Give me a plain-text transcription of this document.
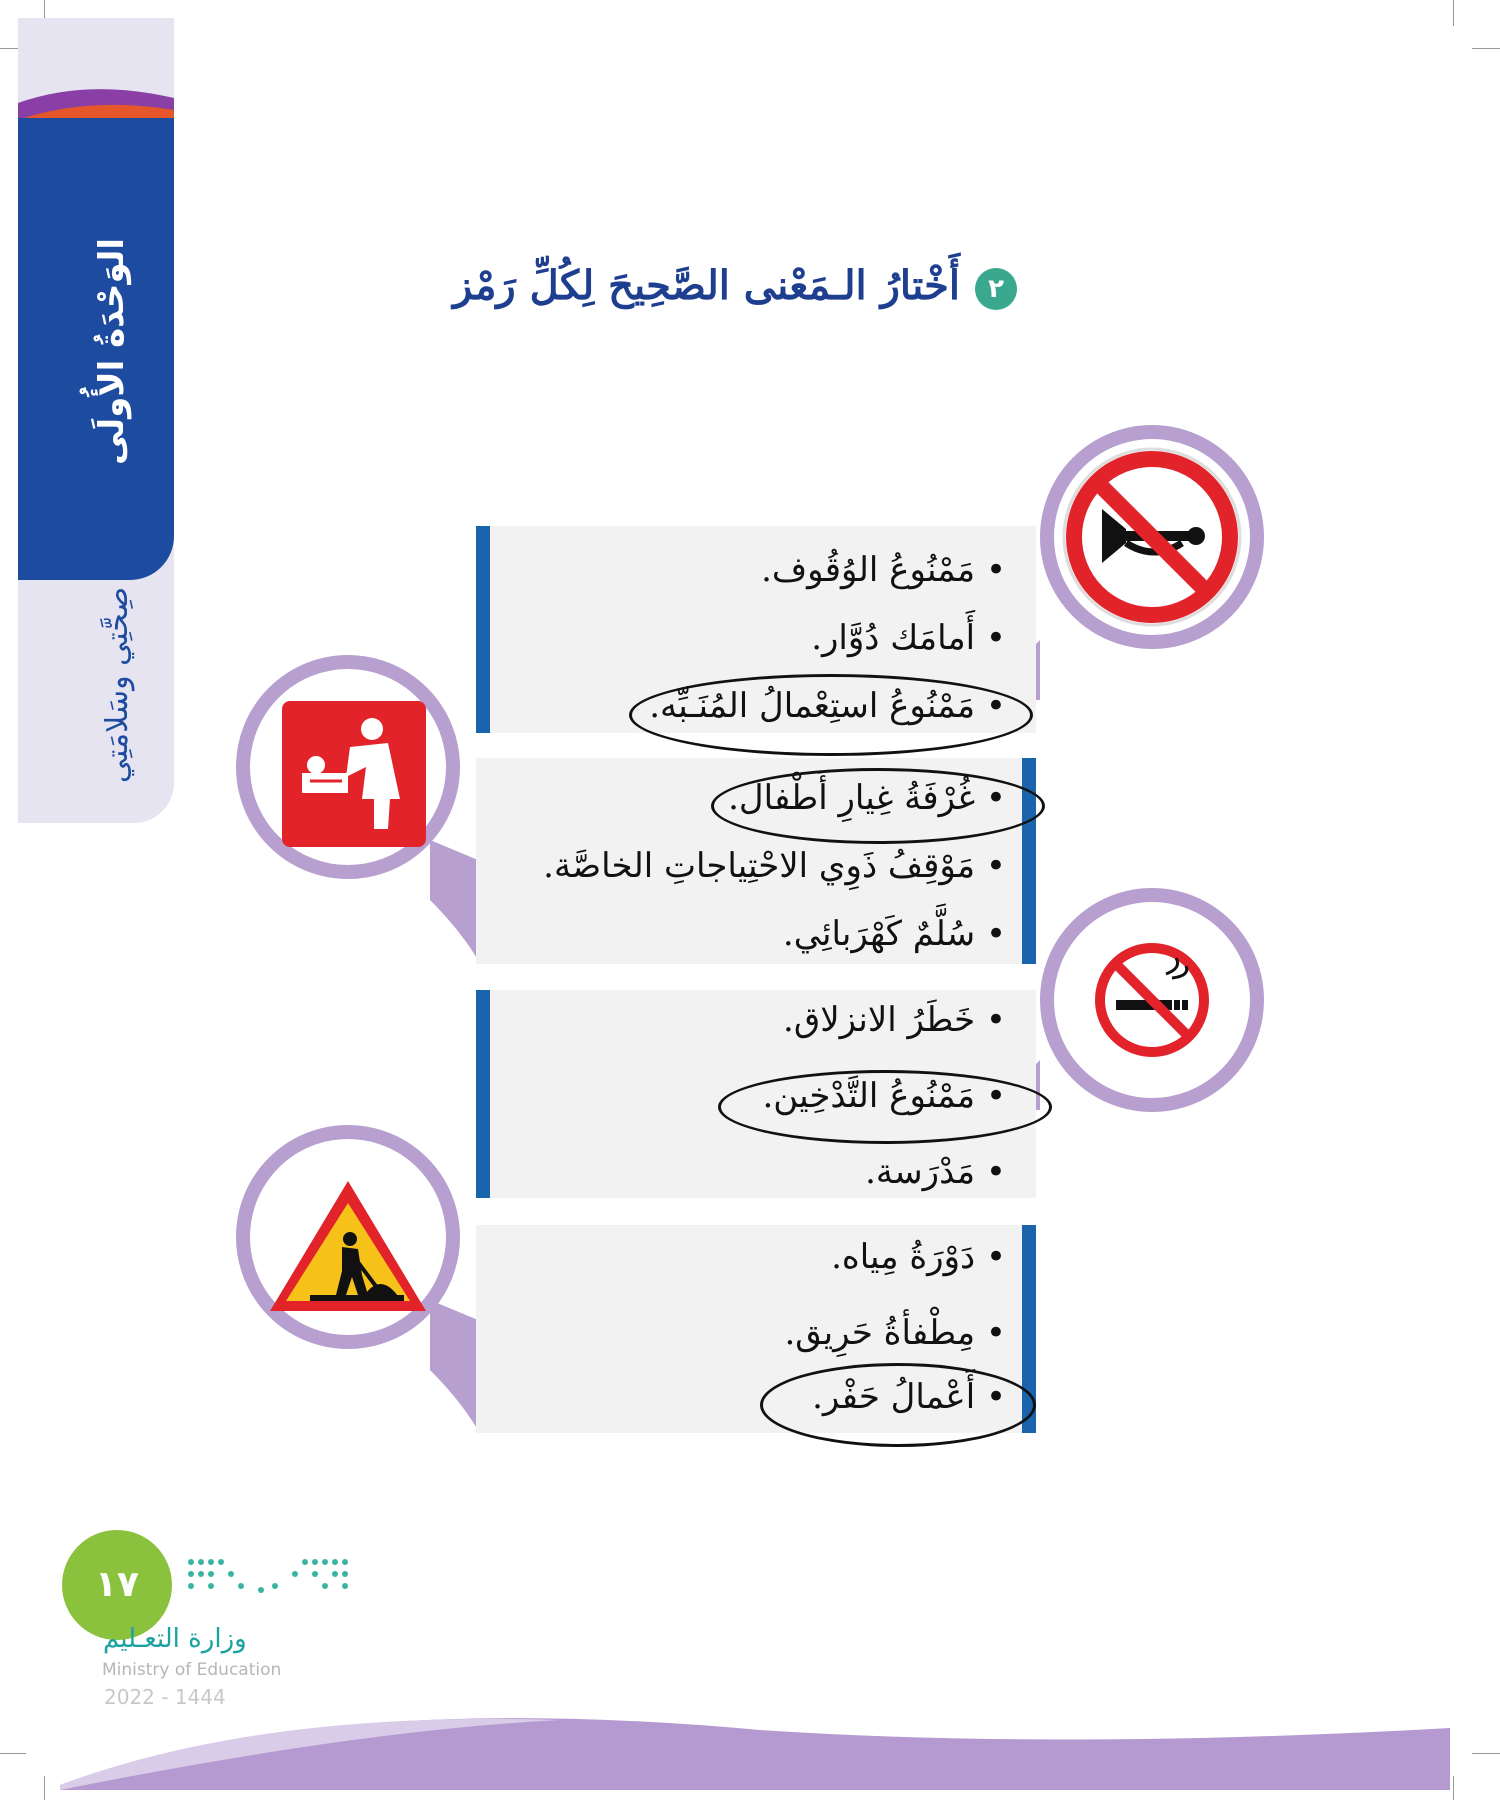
الوَحْدَةُ الأُولَى
صِحَّتِي وسَلامَتِي
أَخْتارُ الـمَعْنى الصَّحِيحَ لِكُلِّ رَمْز	٢
• مَمْنُوعُ الوُقُوف.
• أَمامَك دُوَّار.
• مَمْنُوعُ استِعْمالُ المُنَـبِّه.
• غُرْفَةُ غِيارِ أَطْفال.
• مَوْقِفُ ذَوِي الاحْتِياجاتِ الخاصَّة.
• سُلَّمٌ كَهْرَبائِي.
• خَطَرُ الانزلاق.
• مَمْنُوعُ التَّدْخِين.
• مَدْرَسة.
• دَوْرَةُ مِياه.
• مِطْفأةُ حَرِيق.
• أَعْمالُ حَفْر.
١٧
وزارة التعـليم
Ministry of Education
2022 - 1444
